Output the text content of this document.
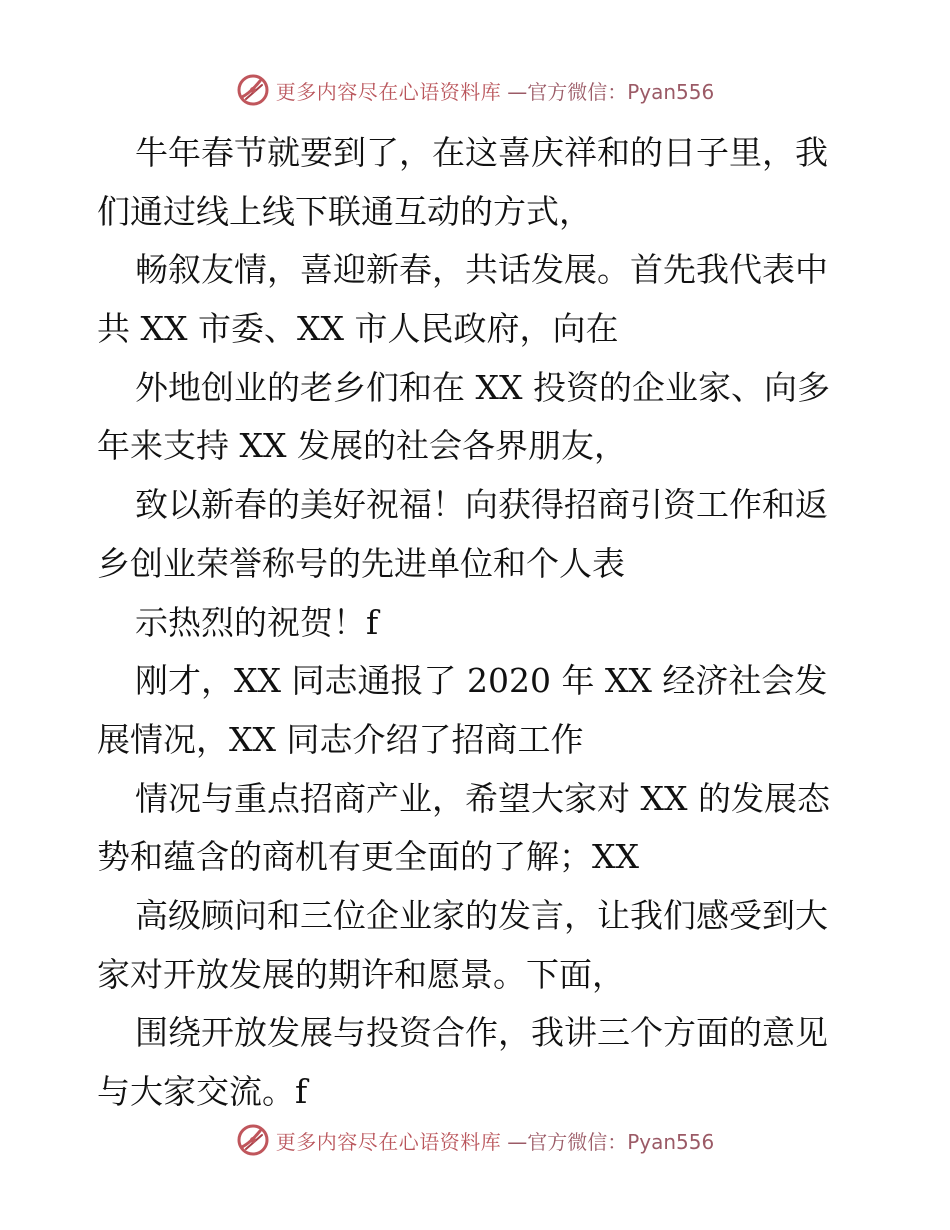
更多内容尽在心语资料库 —官方微信：Pyan556
牛年春节就要到了，在这喜庆祥和的日子里，我
们通过线上线下联通互动的方式，
畅叙友情，喜迎新春，共话发展。首先我代表中
共 XX 市委、XX 市人民政府，向在
外地创业的老乡们和在 XX 投资的企业家、向多
年来支持 XX 发展的社会各界朋友，
致以新春的美好祝福！向获得招商引资工作和返
乡创业荣誉称号的先进单位和个人表
示热烈的祝贺！f
刚才，XX 同志通报了 2020 年 XX 经济社会发
展情况，XX 同志介绍了招商工作
情况与重点招商产业，希望大家对 XX 的发展态
势和蕴含的商机有更全面的了解；XX
高级顾问和三位企业家的发言，让我们感受到大
家对开放发展的期许和愿景。下面，
围绕开放发展与投资合作，我讲三个方面的意见
与大家交流。f
更多内容尽在心语资料库 —官方微信：Pyan556
